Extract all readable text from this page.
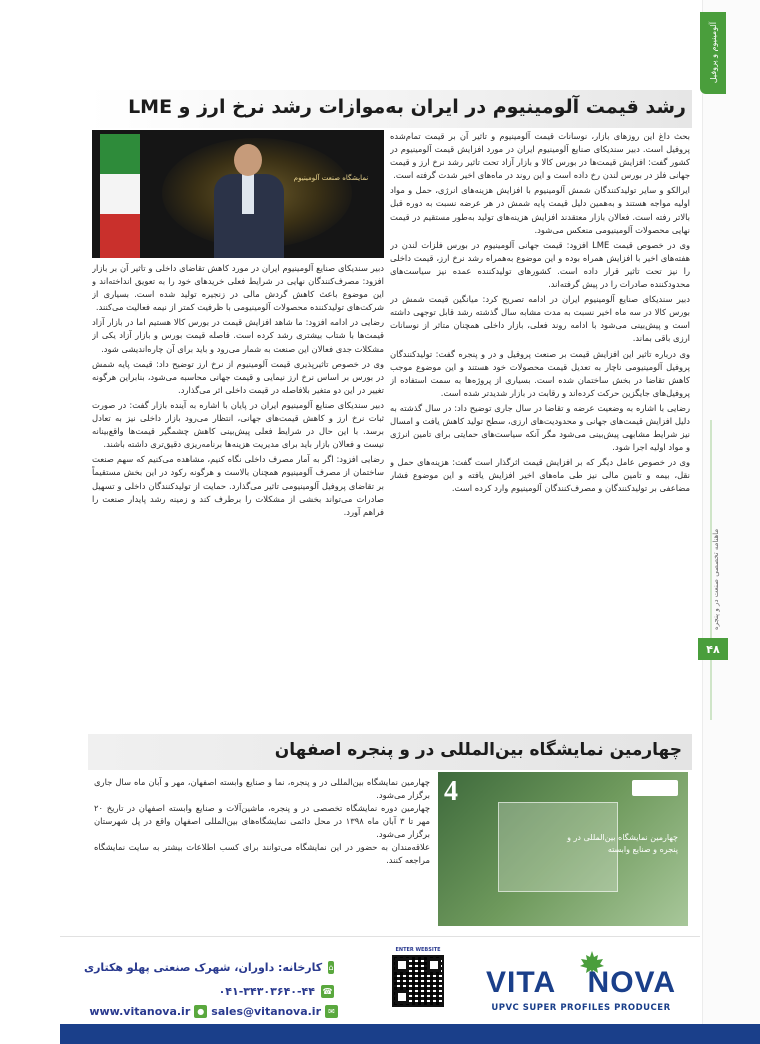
آلومینیوم و پروفیل
ماهنامه تخصصی صنعت در و پنجره
۴۸
رشد قیمت آلومینیوم در ایران به‌موازات رشد نرخ ارز و LME
نمایشگاه صنعت آلومینیوم

بحث داغ این روزهای بازار، نوسانات قیمت آلومینیوم و تاثیر آن بر قیمت تمام‌شده پروفیل است. دبیر سندیکای صنایع آلومینیوم ایران در مورد افزایش قیمت آلومینیوم در کشور گفت: افزایش قیمت‌ها در بورس کالا و بازار آزاد تحت تاثیر رشد نرخ ارز و قیمت جهانی فلز در بورس لندن رخ داده است و این روند در ماه‌های اخیر شدت گرفته است.

ایرالکو و سایر تولیدکنندگان شمش آلومینیوم با افزایش هزینه‌های انرژی، حمل و مواد اولیه مواجه هستند و به‌همین دلیل قیمت پایه شمش در هر عرضه نسبت به دوره قبل بالاتر رفته است. فعالان بازار معتقدند افزایش هزینه‌های تولید به‌طور مستقیم در قیمت نهایی محصولات آلومینیومی منعکس می‌شود.

وی در خصوص قیمت LME افزود: قیمت جهانی آلومینیوم در بورس فلزات لندن در هفته‌های اخیر با افزایش همراه بوده و این موضوع به‌همراه رشد نرخ ارز، قیمت داخلی را نیز تحت تاثیر قرار داده است. کشورهای تولیدکننده عمده نیز سیاست‌های محدودکننده صادرات را در پیش گرفته‌اند.

دبیر سندیکای صنایع آلومینیوم ایران در ادامه تصریح کرد: میانگین قیمت شمش در بورس کالا در سه ماه اخیر نسبت به مدت مشابه سال گذشته رشد قابل توجهی داشته است و پیش‌بینی می‌شود با ادامه روند فعلی، بازار داخلی همچنان متاثر از نوسانات ارزی باقی بماند.

وی درباره تاثیر این افزایش قیمت بر صنعت پروفیل و در و پنجره گفت: تولیدکنندگان پروفیل آلومینیومی ناچار به تعدیل قیمت محصولات خود هستند و این موضوع موجب کاهش تقاضا در بخش ساختمان شده است. بسیاری از پروژه‌ها به سمت استفاده از پروفیل‌های جایگزین حرکت کرده‌اند و رقابت در بازار شدیدتر شده است.

رضایی با اشاره به وضعیت عرضه و تقاضا در سال جاری توضیح داد: در سال گذشته به دلیل افزایش قیمت‌های جهانی و محدودیت‌های ارزی، سطح تولید کاهش یافت و امسال نیز شرایط مشابهی پیش‌بینی می‌شود مگر آنکه سیاست‌های حمایتی برای تامین انرژی و مواد اولیه اجرا شود.

وی در خصوص عامل دیگر که بر افزایش قیمت اثرگذار است گفت: هزینه‌های حمل و نقل، بیمه و تامین مالی نیز طی ماه‌های اخیر افزایش یافته و این موضوع فشار مضاعفی بر تولیدکنندگان و مصرف‌کنندگان آلومینیوم وارد کرده است.

دبیر سندیکای صنایع آلومینیوم ایران در مورد کاهش تقاضای داخلی و تاثیر آن بر بازار افزود: مصرف‌کنندگان نهایی در شرایط فعلی خریدهای خود را به تعویق انداخته‌اند و این موضوع باعث کاهش گردش مالی در زنجیره تولید شده است. بسیاری از شرکت‌های تولیدکننده محصولات آلومینیومی با ظرفیت کمتر از نیمه فعالیت می‌کنند.

رضایی در ادامه افزود: ما شاهد افزایش قیمت در بورس کالا هستیم اما در بازار آزاد قیمت‌ها با شتاب بیشتری رشد کرده است. فاصله قیمت بورس و بازار آزاد یکی از مشکلات جدی فعالان این صنعت به شمار می‌رود و باید برای آن چاره‌اندیشی شود.

وی در خصوص تاثیرپذیری قیمت آلومینیوم از نرخ ارز توضیح داد: قیمت پایه شمش در بورس بر اساس نرخ ارز نیمایی و قیمت جهانی محاسبه می‌شود، بنابراین هرگونه تغییر در این دو متغیر بلافاصله در قیمت داخلی اثر می‌گذارد.

دبیر سندیکای صنایع آلومینیوم ایران در پایان با اشاره به آینده بازار گفت: در صورت ثبات نرخ ارز و کاهش قیمت‌های جهانی، انتظار می‌رود بازار داخلی نیز به تعادل برسد. با این حال در شرایط فعلی پیش‌بینی کاهش چشمگیر قیمت‌ها واقع‌بینانه نیست و فعالان بازار باید برای مدیریت هزینه‌ها برنامه‌ریزی دقیق‌تری داشته باشند.

رضایی افزود: اگر به آمار مصرف داخلی نگاه کنیم، مشاهده می‌کنیم که سهم صنعت ساختمان از مصرف آلومینیوم همچنان بالاست و هرگونه رکود در این بخش مستقیماً بر تقاضای پروفیل آلومینیومی تاثیر می‌گذارد. حمایت از تولیدکنندگان داخلی و تسهیل صادرات می‌تواند بخشی از مشکلات را برطرف کند و زمینه رشد پایدار صنعت را فراهم آورد.

چهارمین نمایشگاه بین‌المللی در و پنجره اصفهان
4
چهارمین نمایشگاه بین‌المللی در و پنجره و صنایع وابسته

چهارمین نمایشگاه بین‌المللی در و پنجره، نما و صنایع وابسته اصفهان، مهر و آبان ماه سال جاری برگزار می‌شود.

چهارمین دوره نمایشگاه تخصصی در و پنجره، ماشین‌آلات و صنایع وابسته اصفهان در تاریخ ۲۰ مهر تا ۳ آبان ماه ۱۳۹۸ در محل دائمی نمایشگاه‌های بین‌المللی اصفهان واقع در پل شهرستان برگزار می‌شود.

علاقه‌مندان به حضور در این نمایشگاه می‌توانند برای کسب اطلاعات بیشتر به سایت نمایشگاه مراجعه کنند.

کارخانه: داوران، شهرک صنعتی پهلو هکتاری ⌂
۰۴۱-۳۴۳۰۳۶۴۰-۴۴ ☎
www.vitanova.ir ● sales@vitanova.ir ✉
ENTER WEBSITE
VITA NOVA
UPVC SUPER PROFILES PRODUCER
